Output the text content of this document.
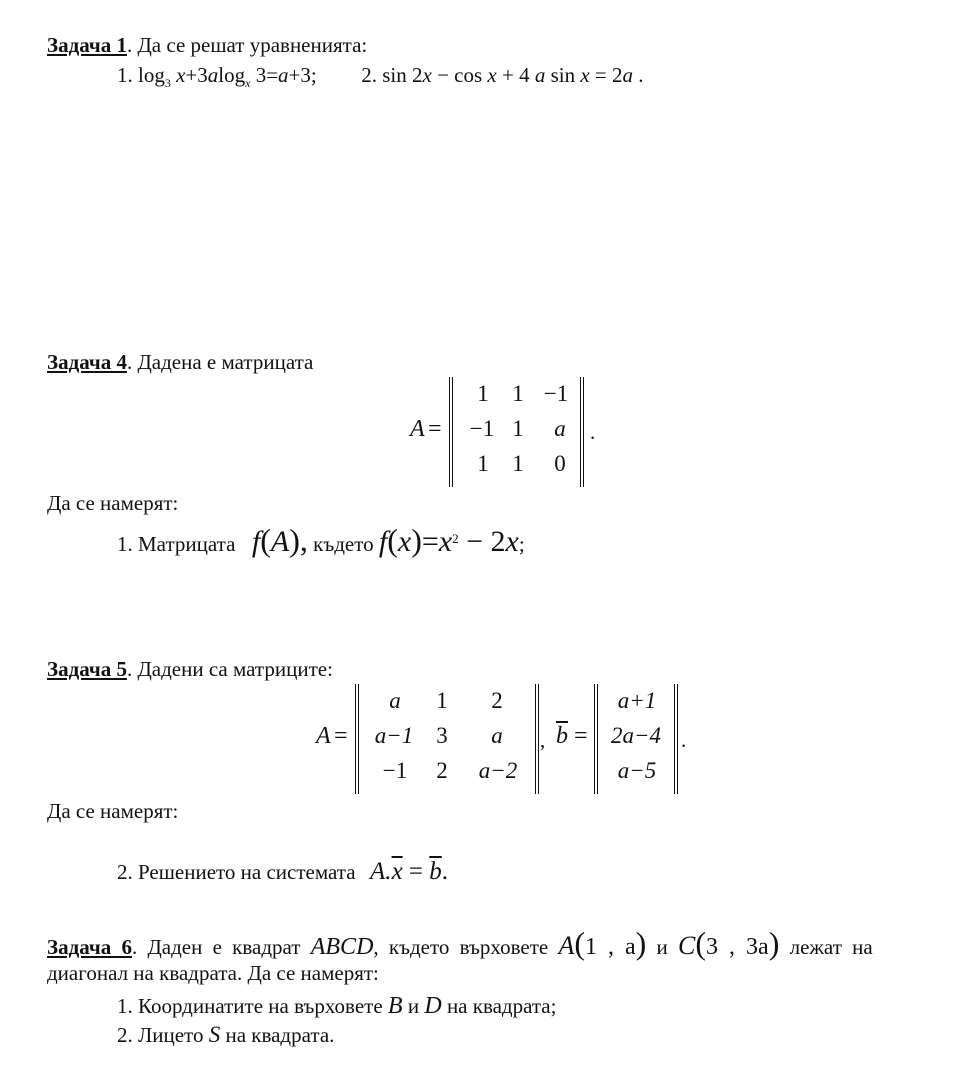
Задача 1. Да се решат уравненията:
1. $\log_3 x+3alog_x$ 3=a+3; 2. sin 2x − cos x + 4 a sin x = 2a .
Задача 4. Дадена е матрицата
A =
1	1 −1
−1 1	a
1	1	0
.
Да се намерят:
1. Матрицата f(A), където $f(x)=x^2 - 2x$;
Задача 5. Дадени са матриците:
A =
a	1	2
a−1 3	a
−1	2	a−2
, $\overline{b}$ =
a+1
2a−4
a−5
.
Да се намерят:
2. Решението на системата $A.\overline{x} = \overline{b}$.
Задача 6. Даден е квадрат ABCD, където върховете A(1 , a) и C(3 , 3a) лежат на
диагонал на квадрата. Да се намерят:
1. Координатите на върховете B и D на квадрата;
2. Лицето S на квадрата.
